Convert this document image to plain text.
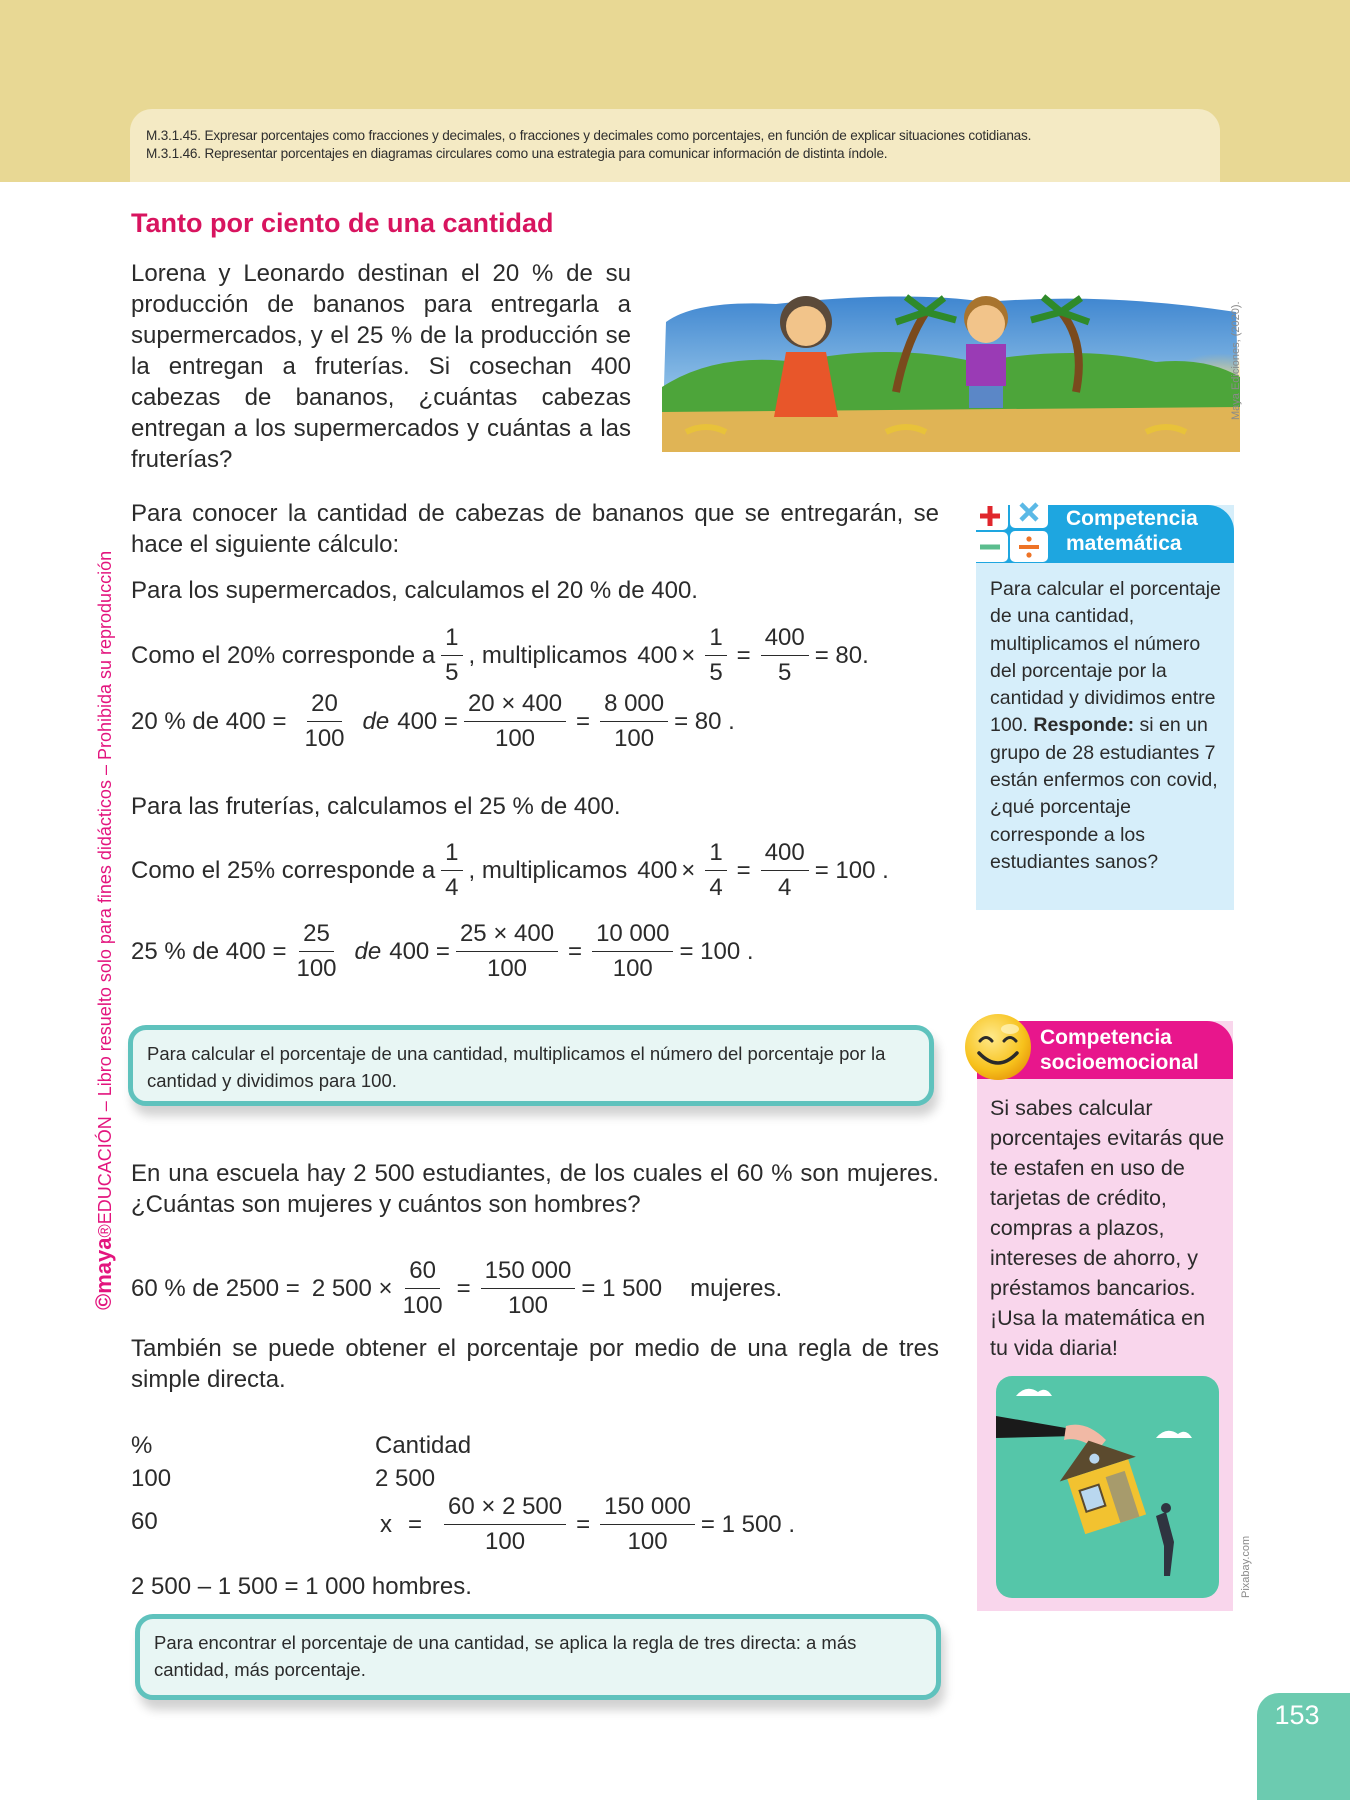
M.3.1.45. Expresar porcentajes como fracciones y decimales, o fracciones y decimales como porcentajes, en función de explicar situaciones cotidianas.
M.3.1.46. Representar porcentajes en diagramas circulares como una estrategia para comunicar información de distinta índole.
©maya®EDUCACIÓN – Libro resuelto solo para fines didácticos – Prohibida su reproducción
Tanto por ciento de una cantidad
Lorena y Leonardo destinan el 20 % de su producción de bananos para entregarla a supermercados, y el 25 % de la producción se la entregan a fruterías. Si cosechan 400 cabezas de bananos, ¿cuántas cabezas entregan a los supermercados y cuántas a las fruterías?
Maya Ediciones, (2020).
Para conocer la cantidad de cabezas de bananos que se entregarán, se hace el siguiente cálculo:
Para los supermercados, calculamos el 20 % de 400.
Como el 20% corresponde a $\frac{1}{5}$ , multiplicamos $400 \times \frac{1}{5} = \frac{400}{5} = 80$.
20 % de $400 = \frac{20}{100}$ de $400 = \frac{20 \times 400}{100} = \frac{8 000}{100} = 80$ .
Para las fruterías, calculamos el 25 % de 400.
Como el 25% corresponde a $\frac{1}{4}$ , multiplicamos $400 \times \frac{1}{4} = \frac{400}{4} = 100$ .
25 % de $400 = \frac{25}{100}$ de $400 = \frac{25 \times 400}{100} = \frac{10 000}{100} = 100$ .
Para calcular el porcentaje de una cantidad, multiplicamos el número del porcentaje por la cantidad y dividimos para 100.
En una escuela hay 2 500 estudiantes, de los cuales el 60 % son mujeres. ¿Cuántas son mujeres y cuántos son hombres?
60 % de 2500 = 2 $500 \times \frac{60}{100} = \frac{150 000}{100} = 1$ 500 mujeres.
También se puede obtener el porcentaje por medio de una regla de tres simple directa.
%	Cantidad
100	2 500
60	$x = \frac{60 \times 2 500}{100} = \frac{150 000}{100} = 1$ 500 .
2 500 – 1 500 = 1 000 hombres.
Para encontrar el porcentaje de una cantidad, se aplica la regla de tres directa: a más cantidad, más porcentaje.
Competencia
matemática
Para calcular el porcentaje de una cantidad, multiplicamos el número del porcentaje por la cantidad y dividimos entre 100. Responde: si en un grupo de 28 estudiantes 7 están enfermos con covid, ¿qué porcentaje corresponde a los estudiantes sanos?
Competencia
socioemocional
Si sabes calcular porcentajes evitarás que te estafen en uso de tarjetas de crédito, compras a plazos, intereses de ahorro, y préstamos bancarios. ¡Usa la matemática en tu vida diaria!
Pixabay.com
153
